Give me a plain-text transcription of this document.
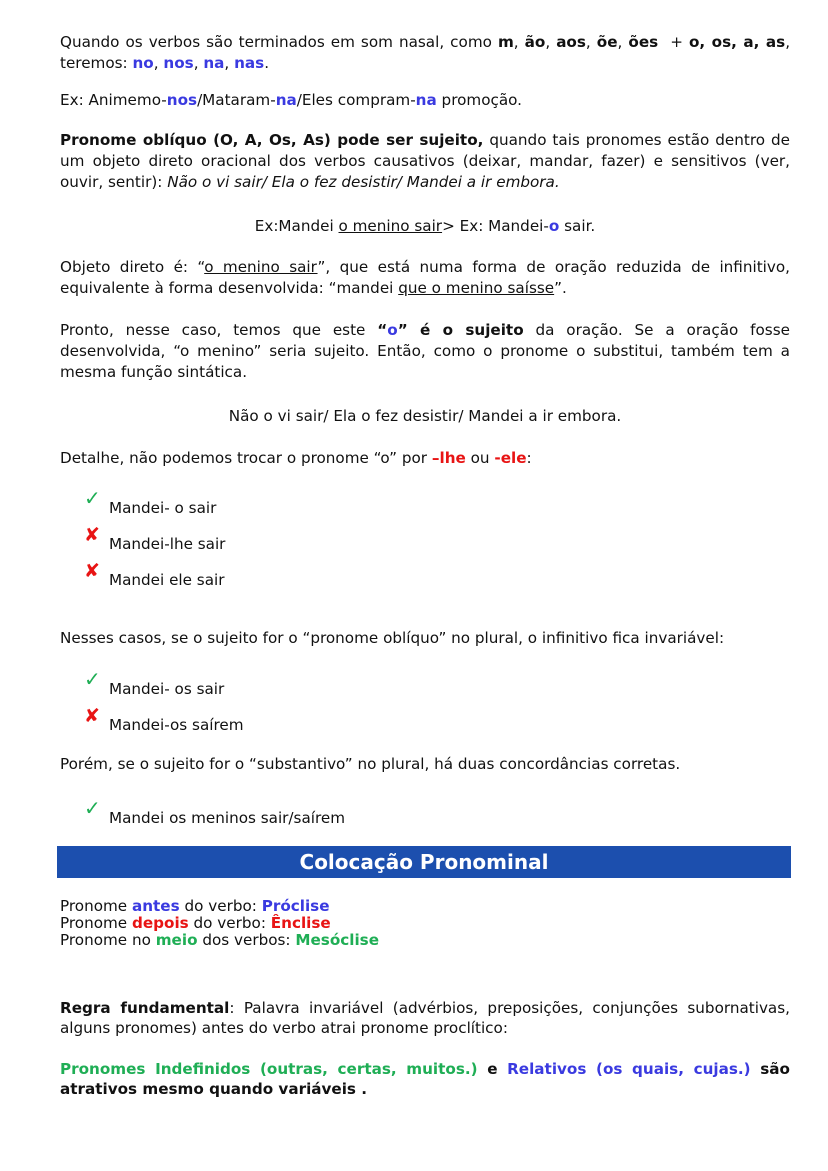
Quando os verbos são terminados em som nasal, como m, ão, aos, õe, ões  + o, os, a, as, teremos: no, nos, na, nas.

Ex: Animemo-nos/Mataram-na/Eles compram-na promoção.

Pronome oblíquo (O, A, Os, As) pode ser sujeito, quando tais pronomes estão dentro de um objeto direto oracional dos verbos causativos (deixar, mandar, fazer) e sensitivos (ver, ouvir, sentir): Não o vi sair/ Ela o fez desistir/ Mandei a ir embora.

Ex:Mandei o menino sair> Ex: Mandei-o sair.

Objeto direto é: “o menino sair”, que está numa forma de oração reduzida de infinitivo, equivalente à forma desenvolvida: “mandei que o menino saísse”.

Pronto, nesse caso, temos que este “o” é o sujeito da oração. Se a oração fosse desenvolvida, “o menino” seria sujeito. Então, como o pronome o substitui, também tem a mesma função sintática.

Não o vi sair/ Ela o fez desistir/ Mandei a ir embora.

Detalhe, não podemos trocar o pronome “o” por –lhe ou -ele:

✓ Mandei- o sair
✘ Mandei-lhe sair
✘ Mandei ele sair

Nesses casos, se o sujeito for o “pronome oblíquo” no plural, o infinitivo fica invariável:

✓ Mandei- os sair
✘ Mandei-os saírem

Porém, se o sujeito for o “substantivo” no plural, há duas concordâncias corretas.

✓ Mandei os meninos sair/saírem
Colocação Pronominal

Pronome antes do verbo: Próclise

Pronome depois do verbo: Ênclise

Pronome no meio dos verbos: Mesóclise

Regra fundamental: Palavra invariável (advérbios, preposições, conjunções subornativas, alguns pronomes) antes do verbo atrai pronome proclítico:

Pronomes Indefinidos (outras, certas, muitos.) e Relativos (os quais, cujas.) são atrativos mesmo quando variáveis .
